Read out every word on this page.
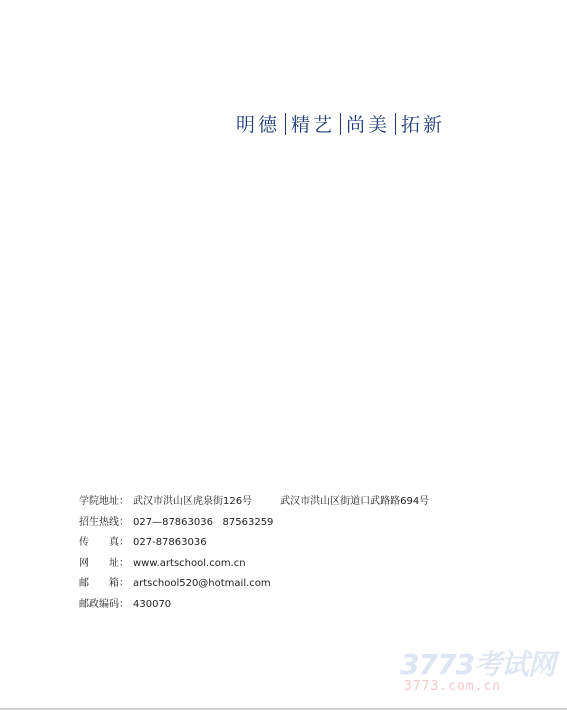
明德 精艺 尚美 拓新
学院地址： 武汉市洪山区虎泉街126号	武汉市洪山区街道口武路路694号
招生热线： 027—87863036   87563259
传　　真： 027-87863036
网　　址： www.artschool.com.cn
邮　　箱： artschool520@hotmail.com
邮政编码： 430070
3773考试网
3773.com.cn
